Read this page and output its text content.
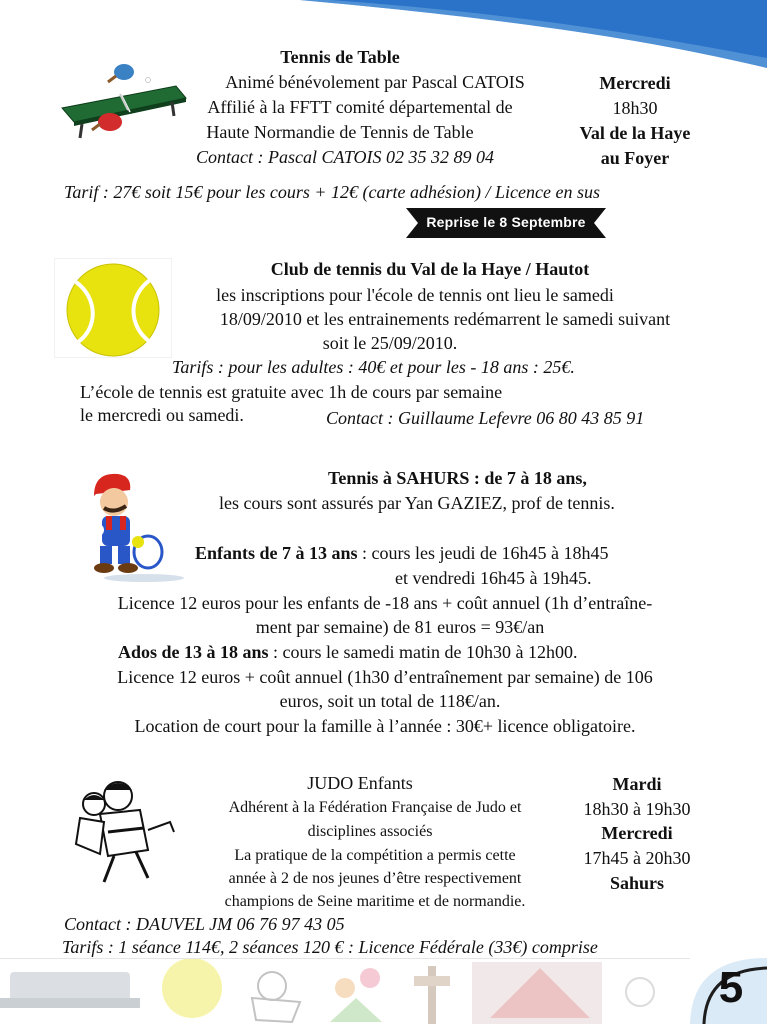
Tennis de Table
Animé bénévolement par Pascal CATOIS
Affilié à la FFTT comité départemental de
Haute Normandie de Tennis de Table
Contact : Pascal CATOIS 02 35 32 89 04
Mercredi
18h30
Val de la Haye
au Foyer
Tarif : 27€ soit 15€ pour les cours + 12€ (carte adhésion) / Licence en sus
Reprise le 8 Septembre
Club de tennis du Val de la Haye / Hautot
les inscriptions pour l'école de tennis ont lieu le samedi
18/09/2010 et les entrainements redémarrent le samedi suivant
soit le 25/09/2010.
Tarifs : pour les adultes : 40€ et pour les - 18 ans : 25€.
L’école de tennis est gratuite avec 1h de cours par semaine
le mercredi ou samedi.	Contact : Guillaume Lefevre 06 80 43 85 91
Tennis à SAHURS : de 7 à 18 ans,
les cours sont assurés par Yan GAZIEZ, prof de tennis.
Enfants de 7 à 13 ans : cours les jeudi de 16h45 à 18h45
et vendredi 16h45 à 19h45.
Licence 12 euros pour les enfants de -18 ans + coût annuel (1h d’entraîne-
ment par semaine) de 81 euros = 93€/an
Ados de 13 à 18 ans : cours le samedi matin de 10h30 à 12h00.
Licence 12 euros + coût annuel (1h30 d’entraînement par semaine) de 106
euros, soit un total de 118€/an.
Location de court pour la famille à l’année : 30€+ licence obligatoire.
JUDO Enfants
Adhérent à la Fédération Française de Judo et
disciplines associés
La pratique de la compétition a permis cette
année à 2 de nos jeunes d’être respectivement
champions de Seine maritime et de normandie.
Mardi
18h30 à 19h30
Mercredi
17h45 à 20h30
Sahurs
Contact : DAUVEL JM 06 76 97 43 05
Tarifs : 1 séance 114€, 2 séances 120 € : Licence Fédérale (33€) comprise
5
